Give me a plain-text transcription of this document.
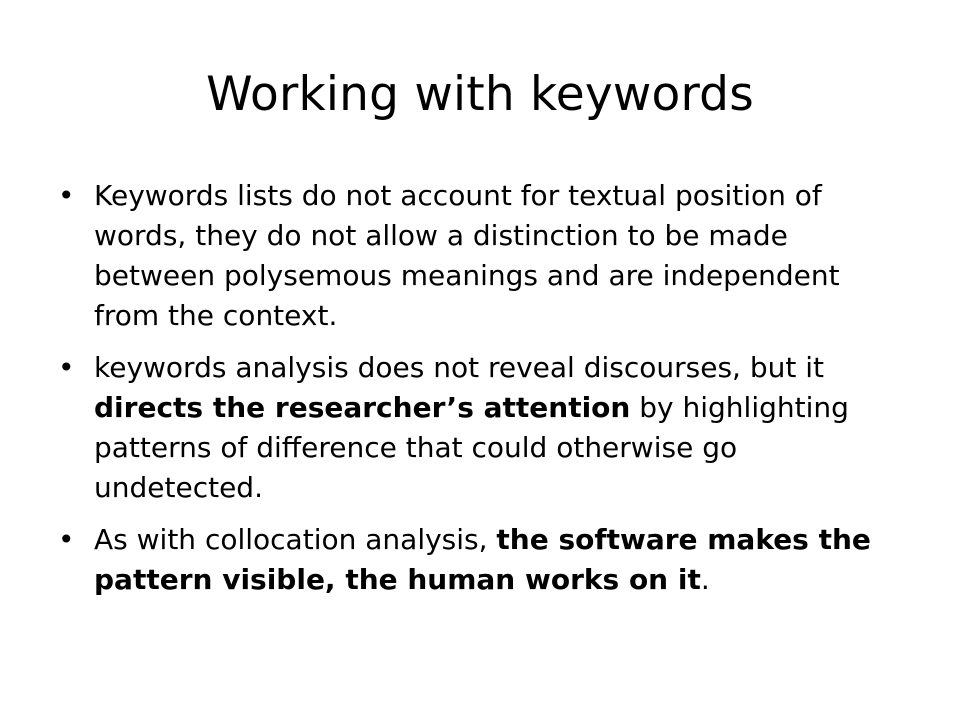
Working with keywords
• Keywords lists do not account for textual position of words, they do not allow a distinction to be made between polysemous meanings and are independent from the context.
• keywords analysis does not reveal discourses, but it directs the researcher’s attention by highlighting patterns of difference that could otherwise go undetected.
• As with collocation analysis, the software makes the pattern visible, the human works on it.
